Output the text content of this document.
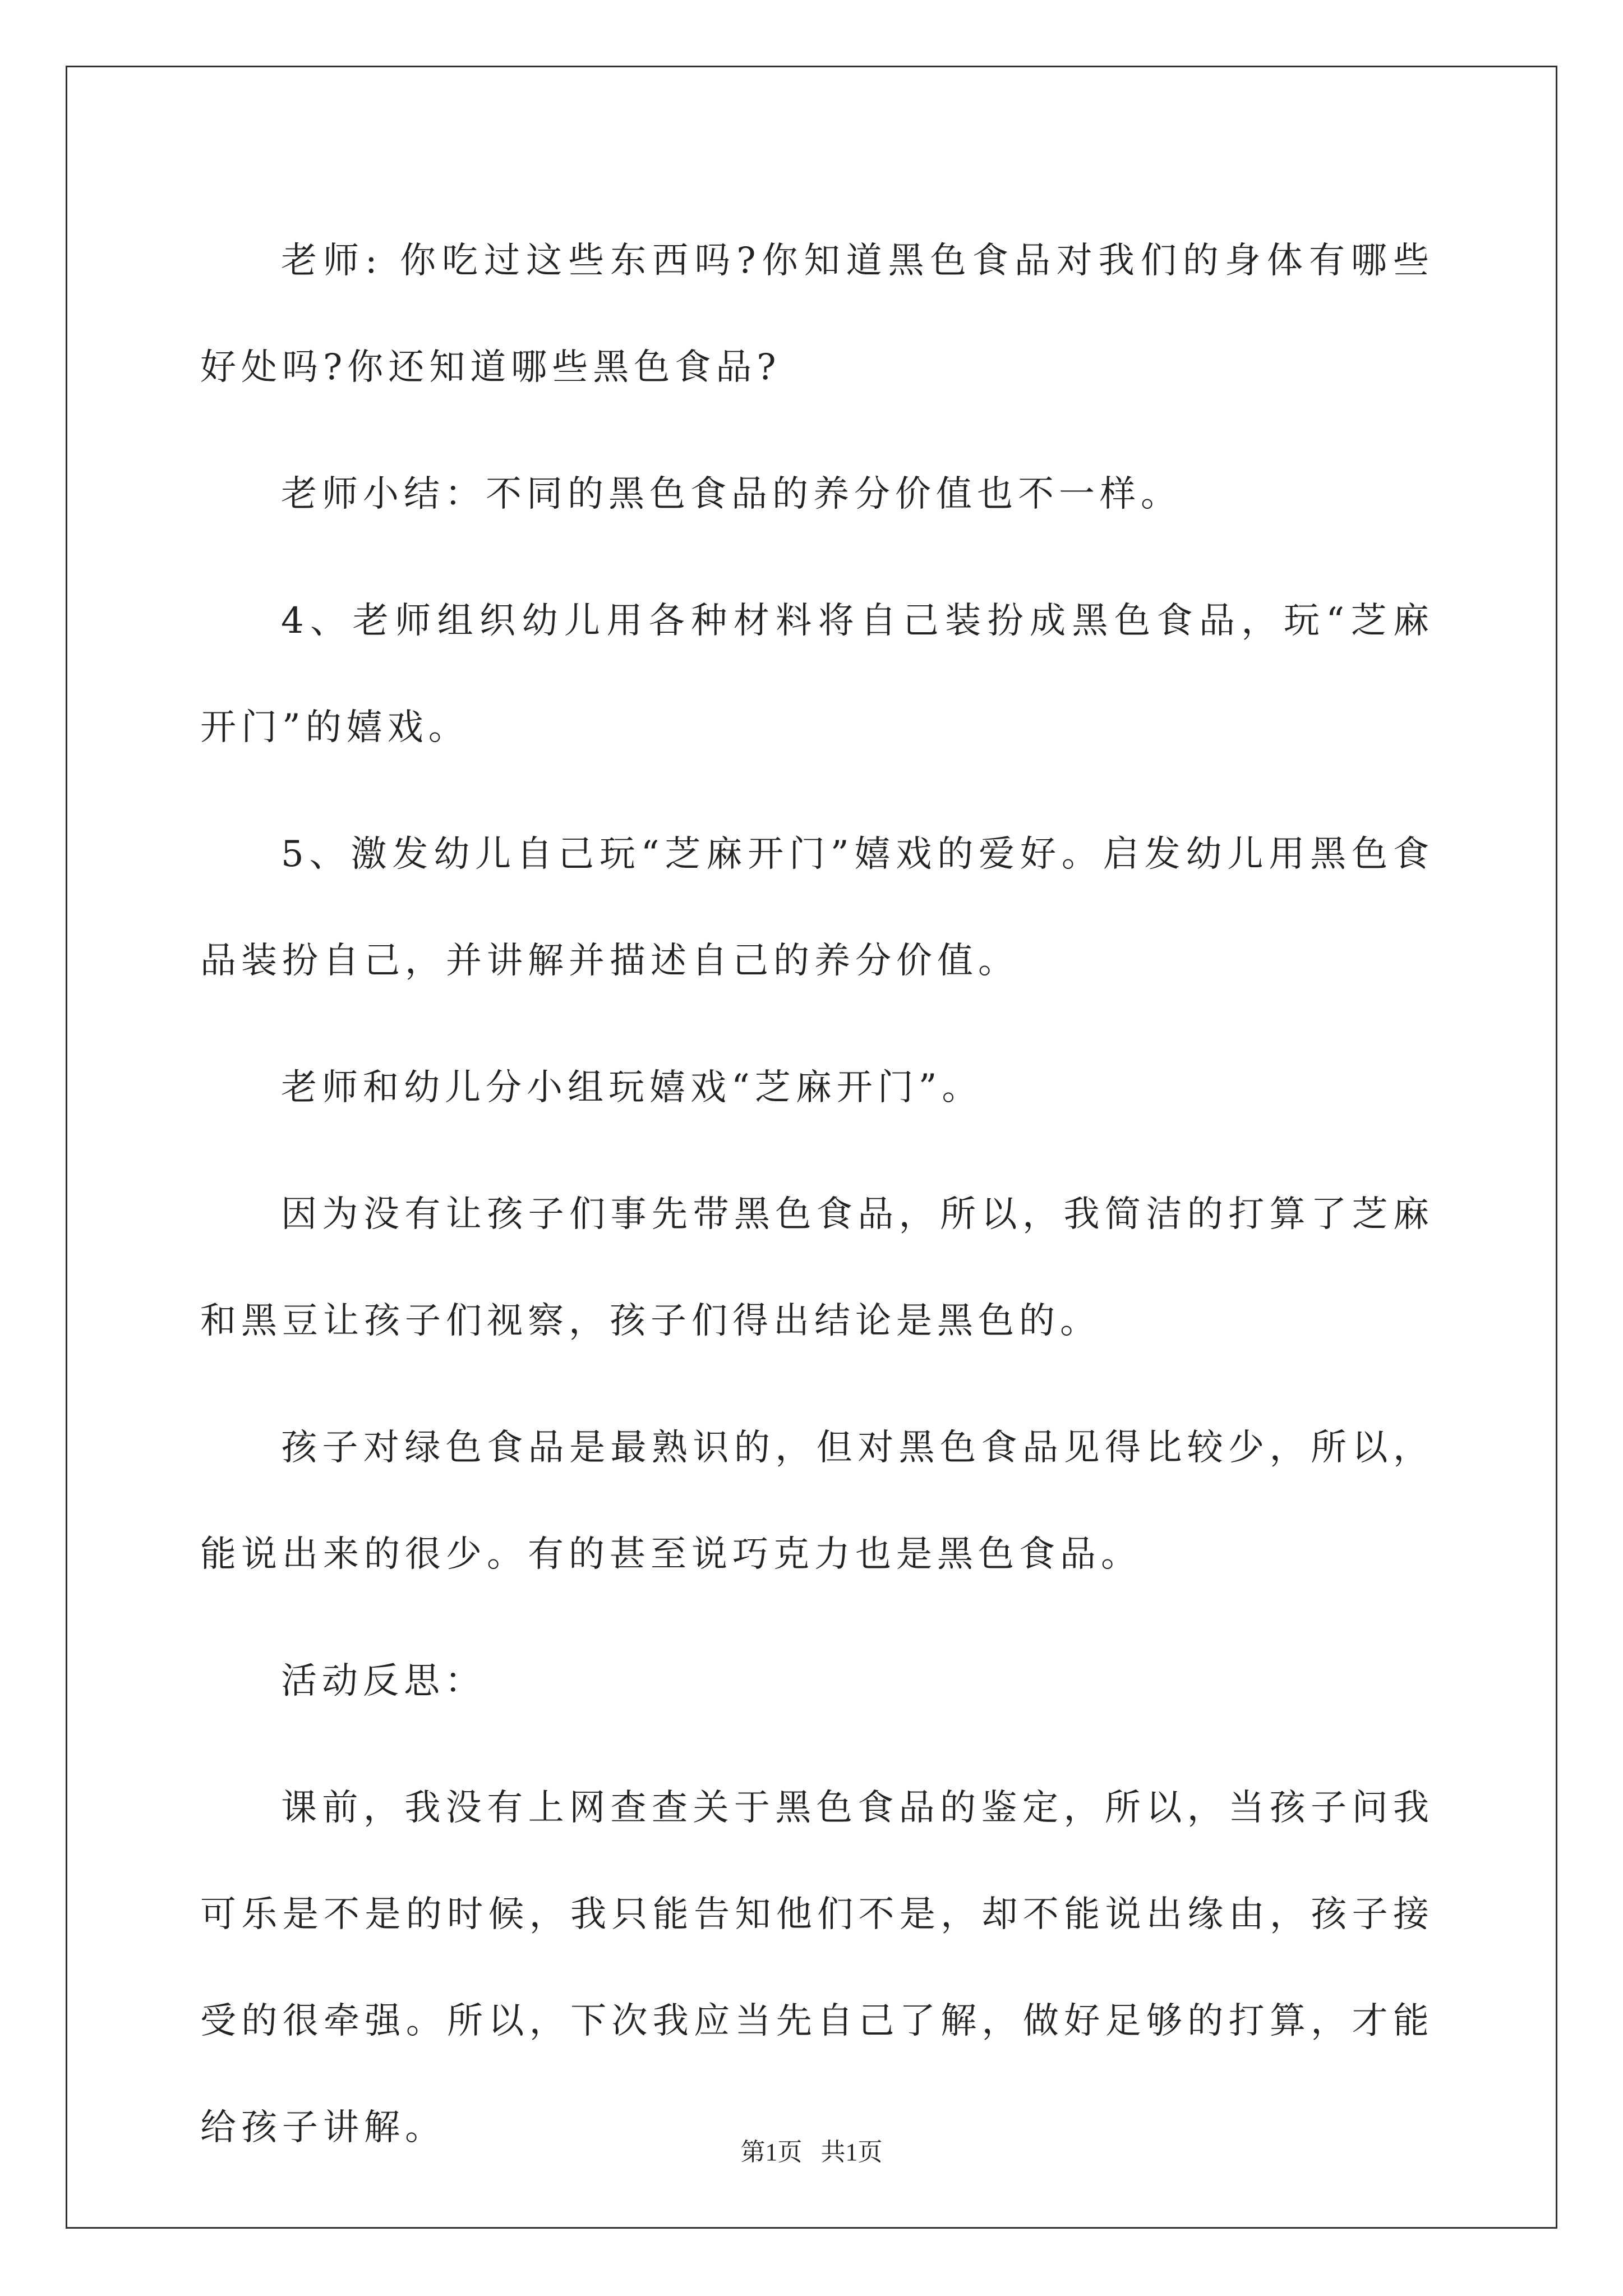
老师: 你吃过这些东西吗?你知道黑色食品对我们的身体有哪些好处吗?你还知道哪些黑色食品?

老师小结：不同的黑色食品的养分价值也不一样。

4、老师组织幼儿用各种材料将自己装扮成黑色食品，玩“芝麻开门”的嬉戏。

5、激发幼儿自己玩“芝麻开门”嬉戏的爱好。启发幼儿用黑色食品装扮自己，并讲解并描述自己的养分价值。

老师和幼儿分小组玩嬉戏“芝麻开门”。

因为没有让孩子们事先带黑色食品，所以，我简洁的打算了芝麻和黑豆让孩子们视察，孩子们得出结论是黑色的。

孩子对绿色食品是最熟识的，但对黑色食品见得比较少，所以，能说出来的很少。有的甚至说巧克力也是黑色食品。

活动反思：

课前，我没有上网查查关于黑色食品的鉴定，所以，当孩子问我可乐是不是的时候，我只能告知他们不是，却不能说出缘由，孩子接受的很牵强。所以，下次我应当先自己了解，做好足够的打算，才能给孩子讲解。

第1页   共1页
